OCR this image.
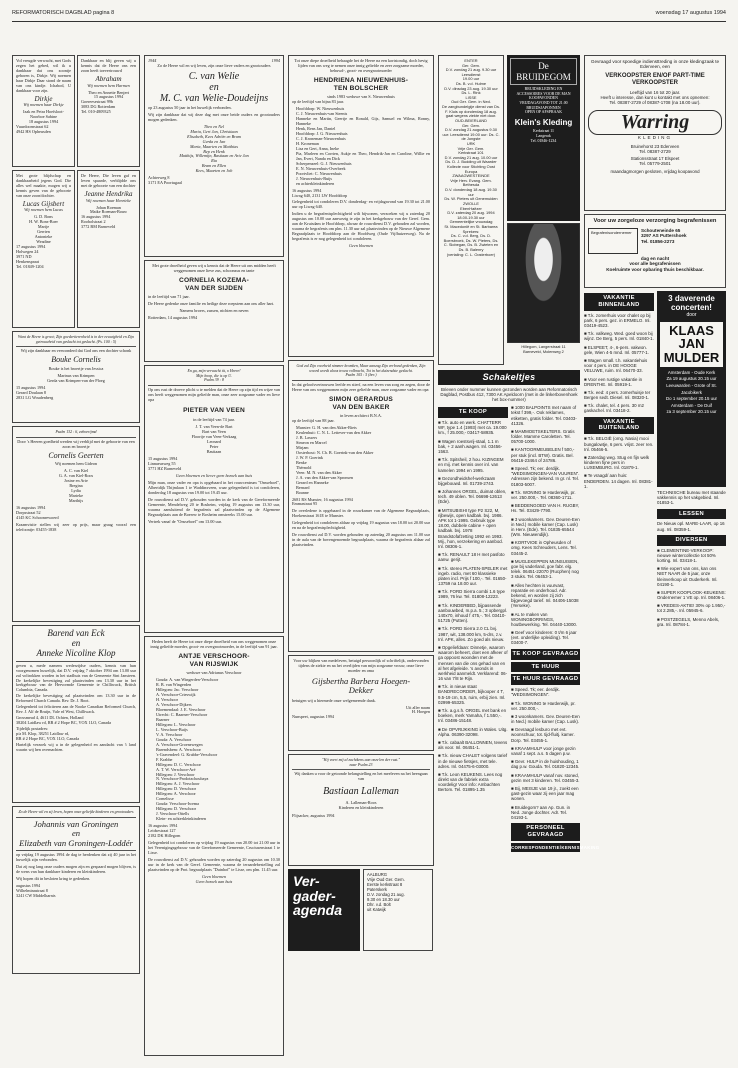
REFORMATORISCH DAGBLAD pagina 8	woensdag 17 augustus 1994
Vol vreugde verwacht, met Gods zegen het gebed, wil ik u dankbaar dat ons zoontje geboren is, Dirkje. Wij noemen haar Dirkje Daar stond de naam van ons kindje. Ichabod, U dankbaar voor zijn.
Dirkje
Wij noemen haar Dirkje
Izak en Petra Hoefsloot-Noorboe Sabine
18 augustus 1994
Vuurdoornstraat 62
4942 HS Opheusden
Dankbaar en blij geven wij u kennis dat de Heere ons een zoon heeft toevertrouwd
Abraham
Wij noemen hem Harmen
Theo en Annette Benjert
15 augustus 1994
Goereesestraat 99b
3083 DG Rotterdam
Tel. 010-4809325
Met grote blijdschap en dankbaarheid jegens God. Die alles wel maakte, mogen wij u kennis geven van de geboorte van onze zoon/dochter.
Lucas Gijsbert
Wij noemen hem Lucas
G. D. Bons
H. W. Bons-Boer
Marije
Gerrien
Antonieke
Weadine
17 augustus 1994
Holwegen 24
3971 ND
Henkenspraat
Tel. 01849-1204
De Heere, Die leven gaf en leven spaarde, verblijdde ons met de geboorte van een dochter
Jeanne Hendrika
Wij noemen haar Henrieke
Johan Roeman
Maike Roeman-Bouw
16 augustus 1994
Roobolstraat 2
3772 BM Barneveld
Want de Heere is groot; Zijn goedertierenheid is in der eeuwigheid en Zijn getrouwheid van geslacht tot geslacht. (Ps. 100 : 5)
Wij zijn dankbaar en verwonderd dat God ons een dochter schonk
Bouke Cornelis
Bouke is het broertje van Jessica
Marinus van Krimpen
Gerda van Krimpen-van der Ploeg
15 augustus 1994
Gerard Doulaan 8
2831 LG Woudenberg
Psalm 132 : 6, zeboerijmd
Door 's Heeren goedheid werden wij verblijd met de geboorte van een zoon en broertje
Cornelis Geerten
Wij noemen hem Gideon
A. C. van Kiel
G. A. van Kiel-Roos
Josine en Arie
Bregina
Lydia
Marieke
Marthijs
16 augustus 1994
Dorpsstraat 52
4145 KC Schoonrewoerd
Kraamvisite stellen wij zeer op prijs, maar graag vooraf een telefoontje: 03455-1838
Barend van Eck
en
Anneke Nicoline Klop
geven u, mede namens wederzijdse ouders, kennis van hun voorgenomen huwelijk, dat D.V. vrijdag 7 oktober 1994 om 13.00 uur zal voltrokken worden in het stadhuis van de Gemeente Sint Jansteen. De kerkelijke bevestiging zal plaatsvinden om 13.30 uur in het kerkgebouw van de Hervormde Gemeente te Chilliwack, British Columbia, Canada.
De kerkelijke bevestiging zal plaatsvinden om 13.30 uur in de Reformed Church Canada. Rev. Dr. J. Boot.
Gelegenheid tot feliciteren aan de Nooke Canadian Reformed Church, Rev. J. Alf de Bruijn, Vale rd West, Chilliwack.
Grossmead 4, 4611 DL Ochten, Holland
38204 Laidlaw rd, RR # 2 Hope BC, VOX 1LO, Canada
Tijdelijk postadres:
p/a M. Klop, 38251 Laidlaw rd,
RR # 2 Hope BC, VOX 1LO, Canada
Hartelijk verzoek wij u in de gelegenheid en aandacht van 't land waarin wij hen overnachten.
Zo de Heere wil en zij leven, hopen onze geliefde kinderen en grootouders
Johannis van Groningen
en
Elizabeth van Groningen-Loddér
op vrijdag 19 augustus 1994 de dag te herdenken dat zij 40 jaar in het huwelijk zijn verbonden.
Dat zij nog lang onze ouders mogen zijn en gespaard mogen blijven, is de wens van hun dankbare kinderen en kleinkinderen.
Wij hopen dit in besloten kring te gedenken.
augustus 1994
Wilhelminastraat 8
3241 CW Middelharnis
1944	1994
Zo de Heere wil en wij leven, zijn onze lieve vaders en grootouders
C. van Welie
en
M. C. van Welie-Doudeijns
op 23 augustus 50 jaar in het huwelijk verbonden.
Wij zijn dankbaar dat wij deze dag met onze beide ouders en grootouders mogen gedenken.
Theo en Nel
Maria, Gert Jan, Christiaan
Elisabeth, Kees Adriën en Bram
Gerda en Jan
Maria, Maarten en Matthias
Bep en Henk
Matthijs, Willemijn, Bastiaan en Arie Jan
Ria
Bram en Ellen
Kees, Maarten en Job
Achterweg 8
3171 EA Poortugaal
Met grote droefheid geven wij u kennis dat de Heere uit ons midden heeft weggenomen onze lieve zus, schoonzus en tante
CORNELIA KOZEMA-
VAN DER SIJDEN
in de leeftijd van 71 jaar.
De Heere gedenke onze familie en heilige deze roepstem aan ons aller hart.
Namens broers, zussen, nichten en neven
Rotterdam, 14 augustus 1994
En ga, mijn verwacht tit, o Heere!
Mijn hoop, die is op U.
Psalm 39 : 8
Op ons rust de droeve plicht u te melden dat de Heere op zijn tijd en wijze van ons heeft weggenomen mijn geliefde man, onze zeer zorgzame vader en lieve opa
PIETER VAN VEEN
in de leeftijd van 74 jaar.
J. T. van Veen-de Bart
Bart van Veen
Floortje van Veen-Verkaag
Leonard
Peter
Bastiaan
15 augustus 1994
Linnaeusweg 55
3771 HZ Barneveld
Geen bloemen en liever geen bezoek aan huis
Mijn man, onze vader en opa is opgebaard in het rouwcentrum "Onsseboel", Albertdijk Thijmlaan 1 te Waddinxveen, waar gelegenheid is tot condoleren, donderdag 18 augustus van 19.00 tot 19.45 uur.
De rouwdienst zal D.V. gehouden worden in de kerk van de Gereformeerde Gemeente, Mendelweg 20 te Bosheim, vrijdag 19 augustus om 13.30 uur, waarna aansluitend de begrafenis zal plaatsvinden op de Algemene Begraafplaats aan de Boerew te Bosheim omstreeks 15.00 uur.
Vertrek vanaf de "Onsseboel" om 13.00 uur.
Heden heeft de Heere tot onze diepe droefheid van ons weggenomen onze innig geliefde moeder, groot- en overgrootmoeder, in de leeftijd van 91 jaar.
ANTJE VERSCHOOR-
VAN RIJSWIJK
weduwe van Adrianus Verschoor
Gouda: A. van Wingerden-Verschoor
R. B. van Wingerden
Hillegom: Jac. Verschoor
A. Verschoor-Crieswijk
H. Verschoor
A. Verschoor-Dijkers
Bloemendaal: J. E. Verschoor
Utrecht: C. Baarner-Verschoor
Baarner
Hillegom: L. Verschoor
L. Verschoor-Buijs
V. A. Verschoor
Gouda: A. Verschoor
A. Verschoor-Groenewegen
Barendsbem: A. Verschoor
's-Gravendeel: G. Krabbe-Verschoor
F. Krabbe
Hillegom: D. C. Verschoor
A. T. W. Verschoor-Aré
Hillegom: J. Verschoor
N. Verschoor-Prodotzchoubaya
Hillegom: A. J. Verschoor
Hillegom: D. Verschoor
Hillegom: A. Verschoor
Cornelisse
Gouda: Verschoor-Iwema
Hillegom: D. Verschoor
J. Verschoor-Ottells
Klein- en achterkleinkinderen
16 augustus 1994
Leidsestraat 127
2182 DK Hillegom
Gelegenheid tot condoleren op vrijdag 19 augustus van 20.00 tot 21.00 uur in het Verenigingsgebouw van de Gerefomeerde Gemeente, Cruciusenstraat 1 te Lisse.
De rouwdienst zal D.V. gehouden worden op zaterdag 20 augustus om 10.30 uur in de kerk van de Geref. Gemeente, waarna de teraardebestelling zal plaatsvinden op de Prot. begraafplaats "Duinhof" te Lisse, om plm. 11.45 uur.
Geen bloemen
Geen bezoek aan huis
Tot onze diepe droefheid behaagde het de Heere na een kortstondig, doch hevig lijden van ons weg te nemen onze innig geliefde en zeer zorgzame moeder, behuwd-, groot- en overgrootmoeder
HENDRIENA NIEUWENHUIS-
TEN BOLSCHER
sinds 1983 weduwe van S. Nieuwenhuis
op de leeftijd van bijna 83 jaar.
Hoofddorp: W. Nieuwenhuis
C. J. Nieuwenhuis-van Steenis
Hanneke en Martin, Geertje en Ronald, Gijs, Samuel en Wilma, Ronny, Hanneke
Henk, Rens Jan, Daniel
Hoofddorp: J. G. Nieuwenhuis
C. J. Kroneman-Nieuwenhuis
H. Kroneman
Lisa en Gert, Anna, Ineke
Pia, Marleen en Corrien, Aukje en Theo, Hendrik-Jan en Caroline, Willie en Jan, Evert, Nanda en Dick
Scherpenzeel: G. J. Nieuwenhuis
E. N. Nieuwenhuis-Overbeek
Poortvliet: C. Nieuwenhuis
J. Nieuwenhuis-Buijs
en achterkleinkinderen
16 augustus 1994
Liwag 640, 2131 LW Hoofddorp
Gelegenheid tot condoleren D.V. donderdag- en vrijdagavond van 19.30 tot 21.00 uur op Liwag 640.
Indien u de begrafenisplechtigheid wilt bijwonen, verzoeken wij u zaterdag 20 augustus om 10.00 uur aanwezig te zijn in het kerkgebouw van der Geref. Gem. aan de Kruisdam te Hoofddorp, alwaar de rouwdienst D.V. gehouden zal worden, waarna de begrafenis om plm. 11.30 uur zal plaatsvinden op de Nieuwe Algemene Begraafplaats te Hoofddorp aan de Hoofdweg (Oude Vijfhuizerweg). Na de begrafenis is er nog gelegenheid tot condoleren.
Geen bloemen
God zal Zijn voorheid nimmer kromken, Maar aanzag Zijn verbond gedenken, Zijn woord wordt alooz trouw volbracht, Tot in het duizendste geslacht.
Psalm 105 : 5 (ber.)
In dat geloofsvertrouwen leefde en stierf, na een leven van zorg en zegen, door de Heere van ons weggenomen mijn zeer geliefde man, onze zorgzame vader en opa
SIMON GERARDUS
VAN DEN BAKER
in leven architect B.N.A.
op de leeftijd van 88 jaar.
Munster: G. H. van den Akker-Biets
Keulenhuit: C. N. L. Lettever-van den Akker
J. B. Lassers
Simeon en Marcel
Mirjam
Oosterhout: N. Ch. B. Goerink-van den Akker
J. W. P. Goerink
Benke
Thérnold
Veen: M. N. van den Akker
J. A. van den Akker-van Spronsen
Gerard en Hanneke
Bernard
Boanne
2681 RS Munster, 16 augustus 1994
Emmastraat 95
De overledene is opgebaard in de rouwkamer van de Algemene Begraafplaats, Hoekenstraat 161E te Munster.
Gelegenheid tot condoleren aldaar op vrijdag 19 augustus van 18.00 tot 20.00 uur en na de begrafenisplechtigheid.
De rouwdienst zal D.V. worden gehouden op zaterdag 20 augustus om 11.00 uur in de aula van de bovengenoemde begraafplaats, waarna de begrafenis aldaar zal plaatsvinden.
Voor uw blijken van medeleven, betuigd persoonlijk of schriftelijk, ondervonden tijdens de ziekte en na het overlijden van mijn zorgzame vrouw, onze lieve moeder en oma
Gijsbertha Barbera Hoegen-
Dekker
betuigen wij u hiermede onze welgemeende dank.
Uit aller naam
H. Hoegen
Nunspeet, augustus 1994
"Hij voert mij al zachtkens aan onze'ten der rust."
naar Psalm 23
Wij danken u voor de getoonde belangstelling en het meeleven na het heengaan van
Bastiaan Lalleman
A. Lalleman-Roos
Kinderen en kleinkinderen
Flijsacker, augustus 1994
Ver-
gader-
agenda
AALBURG
Vrije Oud Ger. Gem.
Eerste kerkstraat 8
Paterskerk
D.V. zondag 21 aug.
9.30 en 18.30 uur
Dhr. v.d. Bolt
uit Katwijk
ENTER
Ger. Gem.
D.V. zondag 21 aug. 9.30 uur
Leesdienst
19.00 uur
Ds. B. v.d. Hulme
D.V. dinsdag 23 aug. 19.30 uur
Ds. L. Rink
LISSE
Oud Ger. Gem. in Ned.
De zangbundelgije dienst van Ds. F. Kluis op donderdag 18 aug. gaat wegens ziekte niet door.
OUD-BEIERLAND
Ger. Gem.
D.V. zondag 21 augustus 9.30 uur: Leesdienst 19.00 uur: Ds. C. de Jongste
URK
Vrije Ger. Gem.
Kerkstraat 101
D.V. zondag 21 aug. 10.00 uur
Ds. D. J. Budding uit Waarder
Kollecte voor Stichting Oost Europa
ZWAAGWESTEINDE
Vrije Herv. Evang. Gem. Bethesda
D.V. donderdag 18 aug. 19.30 uur
Ds. W. Pieters uit Genemuiden
ZWOLLE
EbenHaëzer
D.V. zaterdag 20 aug. 1994 18.00-19.30 uur
Gemeentelijke vrouwdag
St. Macedonië en St. Barbarea
Sprekers:
Ds. C. v.d. Berg, Ds. D. Boersbroek, Ds. W. Pieters, Ds. C. Slobegan, Ds. B. Zwieten en Ds. B. Balenry
(vertaling: C. L. Oosterboer)
De
BRUIDEGOM
BRUIDSKLEDING EN
ACCESSOIRES VOOR DE MAN
KOOPAVONDEN
VRIJDAGAVOND TOT 21.00
BRUIDSJAPONNEN
OPEN OP AFSPRAAK
Klein's Kleding
Kerkstraat 11
Langerak
Tel. 01846-1234
Hillegom, Langerstraat 11
Barneveld, Molenweg 2
Schakeltjes
Brieven onder nummer kunnen gezonden worden aan Reformatorisch Dagblad, Postbus 412, 7300 AK Apeldoorn (met in de linkerbovenhoek het box-nummer)
TE KOOP
■ T.k. auto en werk. CHATTERR WF, type 1.4 (1993) met ca. 19.000 km., f 25.000,- 03417-58935.
■ Wagen roestsvrij-staal, 1.1 m bak, + 2 aanh.wagen. Inl. 03456-1563.
■ T.k. Spitsheil, 2 hou. KIZINGEM en mij. met kennis over inl. van kamelen 1994 en 1995.
■ Gezondheidshef-werkzaam bijgebouwd. Inl. 01739-2743.
■ Johannes ORGEL, duimat oblen, tech. 49 oblen. Tel. 06698-12613 (Ede).
■ MITSUBISHI type P2 S22, M, rijbewijs, open kadbak. bvj. 1986. APK tot 1-1995. Gebruik type 18.00, dubbele cabine + open kadbak. bvj. 1978 Brandstofafzetting 1992 en 1993. Mij., hon, verzekering en aanbod. Inl. 08306-1.
■ T.k. RENAULT 18 H met pasfoto aanw. gerijt.
■ T.k. stereo PLATEN-SPELER met ingeb. radio, met 60 klassieke platen incl. Prijs f 100,-. Tel. 01650-13759 na 18.00 uur.
■ T.k. FORD Sierra combi 1.6 type 1989, 76 kw. Tel. 01808-12223.
■ T.k. KINDERBED, bijpassende aanbouwbed, m.p.a. 5.; 3 opbergpl. 140x70, inhoud f 475,-. Tel. 03410-51725 (Putten).
■ T.k. FORD Sierra 2.0 CL bvj. 1987, wit, 138.000 km, 5-drs, z.v. Inl. APK, alles. Zo goed als nieuw.
■ Opgeliefdaan: Dinnetje, waarom waarom beheert, doet een afkeer of ga oppoost woonden met de mensen van die ons gehad van en al het afgeleide. 's avonds in werkheid aanmeldt. Verklarend: 06-16 van 7/8 te Rijn.
■ T.k. in nieuw staat BANDRECORDER, bijkooper 4 T, 9.5-19 cm, 5,5, ruim, erbij zien. Inl. 02999-65325.
■ T.k. a.g.s.h. ORGEL met bank en boeken, merk Yamaha, f 1.550,-. Inl. 03486-15148.
■ De OPVRIJKKING in Wales. Uitg. Alpha. 06390-32098.
■ T.k. cabaalt BALLONNEN, tevens als voor. Inl. 06451-1.
■ T.k. nieuw CHALET volgens tarief in de nieuwe fietsjes, met tele. adres. Inl. 04475-6-03000.
■ T.k. Leon KEUKENS. Lees nog direkt van de fabriek extra voordelig! Voor info: Ambachten Bertom. Tel. 01895-1.35
■ 1000 BALPOINTS met naam of tekst f 399,-. Ook reklames, etiketten, gratis folder. Tel. 03403-41326.
■ MAMMOETSKELTERS. Gratis folder. Mamme Caroletten. Tel. 05700-1000.
■ KANTOORMEUBELEN f 500,- per stuk (incl. BTW). Gratis. Bel. 06416-23464 of 24786.
■ Speed. Tk; eer. derdijk. "WEDSIMONGEN-VAN VUUREN". Adressen zijn bekend. In gr. nl. Tel. 01803-5007.
■ T.k. WONING te Harderwijk, pr. ver. 250.000,-. Tel. 08360-1711.
■ BEDDENGOED VAN H. RUGBY, Hs. Tel. 03429-7790.
■ 3 woonkamers. Gev. Deuren-Een in Ned.) mobile kamer (Cap. Lusk) in Herv. (Ede). Tel. 01835-65544 (Wm. Nieuwendijk).
■ KORTVIOE in Opheusden of omg. Kees Schreuders, Lens. Tel. 03445-2.
■ MUGLEKEPPEN MIJNSUISIEN, goe bij vaderland, goe fabr. elg. telek. 06451-22070 (Rucphen) nog 3 stuks. Tel. 06453-1.
■ Alles hechten is vuurvast, reparatie en onderhoud. Adr. bekend, en worden zij zich bijgevoegd tarief. Inl. 04406-15038 (Yerseke).
■ AL te maken van WONINGBORRINGS, houtbewerking. Tel. 04440-13000.
■ Geef voor kinderen: 0 t/m 6 jaar (evt. onderlijke opleiding). Tel. 03400-7.
TE KOOP GEVRAAGD
TE HUUR
TE HUUR GEVRAAGD
■ Speed. Tk; eer. derdijk. "WEDSIMONGEN".
■ T.k. WONING te Harderwijk, pr. ver. 250.000,-.
■ 3 woonkamers. Gev. Deuren-Een in Ned.) mobile kamer (Cap. Lusk).
■ Gevraagd lesburo met evt. woonschuur, tot. tijd-fluitj. kamer. Dorp. Tel. 03455-1.
■ KRAAMHULP voor jonge gezin vanaf 1 sept. a.s. 5 dagen p.w.
■ Gevr. HULP in de huishouding, 1 dag p.w. Gouda. Tel. 01820-12345.
■ KRAAMHULP vanaf nov. stoned, gezin met 3 kinderen. Tel. 03455-3.
■ Bij, MEISJE van 19 jr., zoekt een gast-gezin waar zij een jaar mag wonen.
■ Bruidegom? aan Ap. Gun. in Ned. Jonge dochter. Adr. Tel. 04193-1.
PERSONEEL GEVRAAGD
CORRESPONDENTIE/KENNISMAKING
Gevraagd voor spoedige indiensttreding in onze kledingzaak te Ederveen, een
VERKOOPSTER EN/OF PART-TIME VERKOOPSTER
Leeftijd van 16 tot 20 jaar.
Heeft u interesse, dan kunt u kontakt met ons opnemen:
Tel. 08387-2729 of 08387-1708 (na 18.00 uur).
Warring
KLEDING
Bruinehorst 23 Ederveen
Tel. 08387-2729
Stationsstraat 17 Elspeet
Tel. 05779-2501
maandagmorgen gesloten, vrijdag koopavond
Voor uw zorgeloze verzorging begrafenissen
Begrafenisondernemer	Schouteneinde 65
3297 AS Puttershoek
Tel. 01856-2273
dag en nacht
voor alle begrafenissen
Koelruimte voor opbaring thuis beschikbaar.
VAKANTIE BINNENLAND
■ T.k. zomerhuis voor chalet op bij park, 6 pers. gez. in ERMELO. Inl. 03419-4523.
■ T.k. valkweg. Wed. goed woon bij wijnz. De Berg, 5 pers. Inl. 01840-1.
■ ELSPEET, 4-, 6-pers. vakwon. gele, Wien 4-5 mnd. Inl. 05777-1.
■ Wagen small. t.h. vakantiehuis voor 4 pers. in DE HOOGE VELUWE, ruim. Inl. 06470-33.
■ Voor een rustige vakantie in DRENTHE. Inl. 05919-1.
■ T.k. eed: 4 pers. zomerhuisje ter Bergen sedt. Diesel. Inl. 08320-1.
■ T.k. chalet, tel. 4 pers. 30 m2 gaskachel. Inl. 03418-2.
VAKANTIE BUITENLAND
■ T.k. BELGIË (omg. Nasia) mooi bungalowtje, 6 pers. vrijst. zeer ren. Inl. 05466-5.
■ Zaterdag weg. Stug en fijn welk kinderen fijne pers in LUXEMBURG. Inl. 01879-1.
■ Te vraagd/ aan huis: ENDERDEN. 14 dagen. Inl. 08381-1.
3 daverende concerten!
door
KLAAS JAN MULDER
Amsterdam - Oude Kerk
Za 19 augustus 20.15 uur
Leeuwarden - Grote of St. Jacobikerk
Do 1 september 20.15 uur
Amsterdam - De Duif
za 3 september 20.15 uur
TECHNISCHE bureau met staande vakkennis op het vakgebied. Inl. 01853-1.
LESSEN
De Nieuw opl. MARE-LAAR, op 16 aug. Inl. 08359-1.
DIVERSEN
■ CLEMENTINE-VERKOOP: nieuwe wintercollectie tot 50% korting. Inl. 03418-1.
■ Wie expert van ons, kan ons NIET NAAR de 5 jaar, onze kleinverkoop uit Ouderkerk. Inl. 04190-1.
■ SUPER KOOPLOOK-KEUKENS: Ondernemer 1 VE op. Inl. 08406-1.
■ VREDES-AKTIE! 30% op 1.950,- tot 2.285,-. Inl. 05945-6.
■ POSTZEGELS, Menno Abels, gra. Inl. 08784-1.
